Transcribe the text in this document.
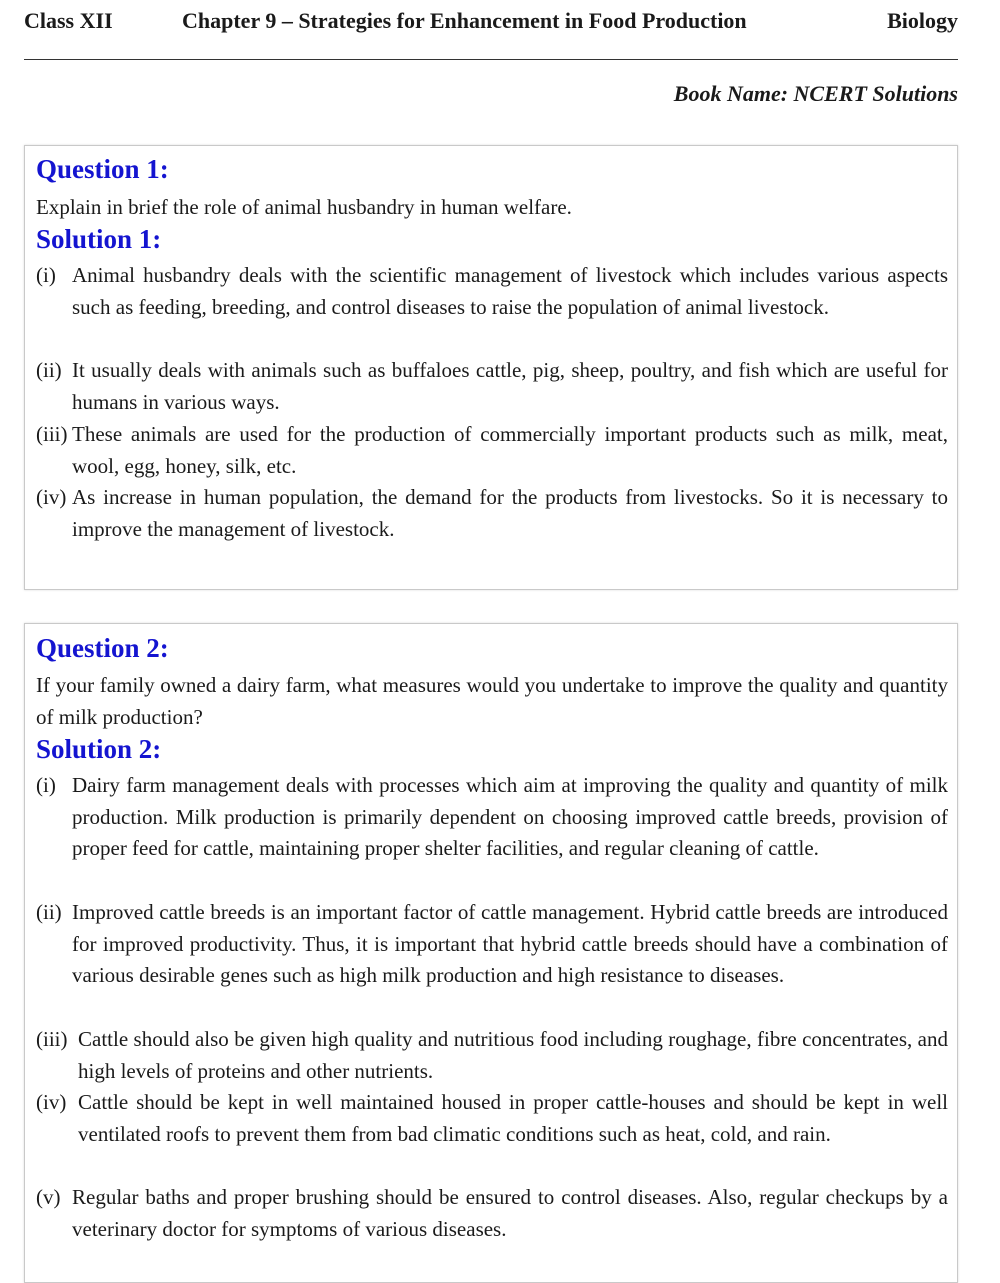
Class XII	Chapter 9 – Strategies for Enhancement in Food Production	Biology
Book Name: NCERT Solutions
Question 1:
Explain in brief the role of animal husbandry in human welfare.
Solution 1:
(i) Animal husbandry deals with the scientific management of livestock which includes various aspects such as feeding, breeding, and control diseases to raise the population of animal livestock.
(ii) It usually deals with animals such as buffaloes cattle, pig, sheep, poultry, and fish which are useful for humans in various ways.
(iii) These animals are used for the production of commercially important products such as milk, meat, wool, egg, honey, silk, etc.
(iv) As increase in human population, the demand for the products from livestocks. So it is necessary to improve the management of livestock.
Question 2:
If your family owned a dairy farm, what measures would you undertake to improve the quality and quantity of milk production?
Solution 2:
(i) Dairy farm management deals with processes which aim at improving the quality and quantity of milk production. Milk production is primarily dependent on choosing improved cattle breeds, provision of proper feed for cattle, maintaining proper shelter facilities, and regular cleaning of cattle.
(ii) Improved cattle breeds is an important factor of cattle management. Hybrid cattle breeds are introduced for improved productivity. Thus, it is important that hybrid cattle breeds should have a combination of various desirable genes such as high milk production and high resistance to diseases.
(iii) Cattle should also be given high quality and nutritious food including roughage, fibre concentrates, and high levels of proteins and other nutrients.
(iv) Cattle should be kept in well maintained housed in proper cattle-houses and should be kept in well ventilated roofs to prevent them from bad climatic conditions such as heat, cold, and rain.
(v) Regular baths and proper brushing should be ensured to control diseases. Also, regular checkups by a veterinary doctor for symptoms of various diseases.
